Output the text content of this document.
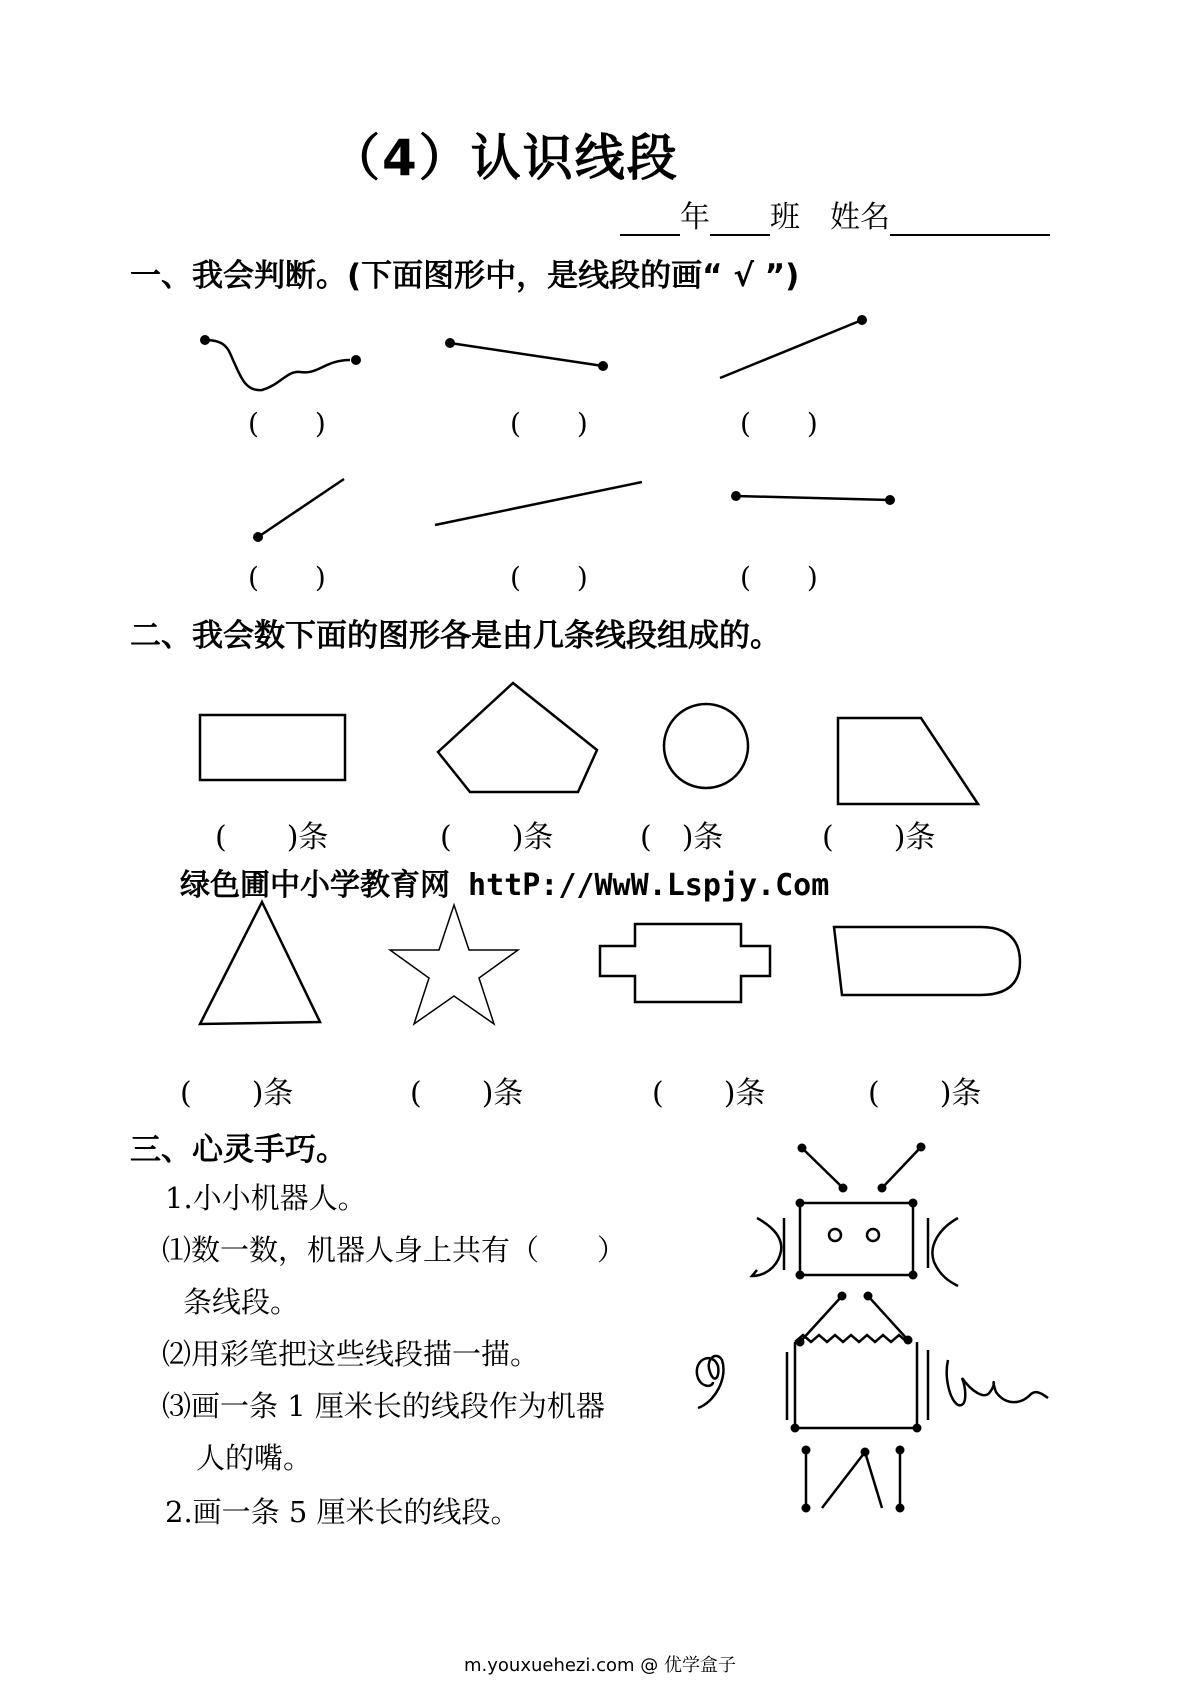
（4）认识线段
年 班 姓名
一、我会判断。(下面图形中，是线段的画“ √ ”)
(　　)	(　　)	(　　)
(　　)	(　　)	(　　)
二、我会数下面的图形各是由几条线段组成的。
(　　)条	(　　)条	(　)条	(　　)条
绿色圃中小学教育网 httP://WwW.Lspjy.Com
(　　)条	(　　)条	(　　)条	(　　)条
三、心灵手巧。
1.小小机器人。
⑴数一数，机器人身上共有（　　）
条线段。
⑵用彩笔把这些线段描一描。
⑶画一条 1 厘米长的线段作为机器
人的嘴。
2.画一条 5 厘米长的线段。
m.youxuehezi.com @ 优学盒子
